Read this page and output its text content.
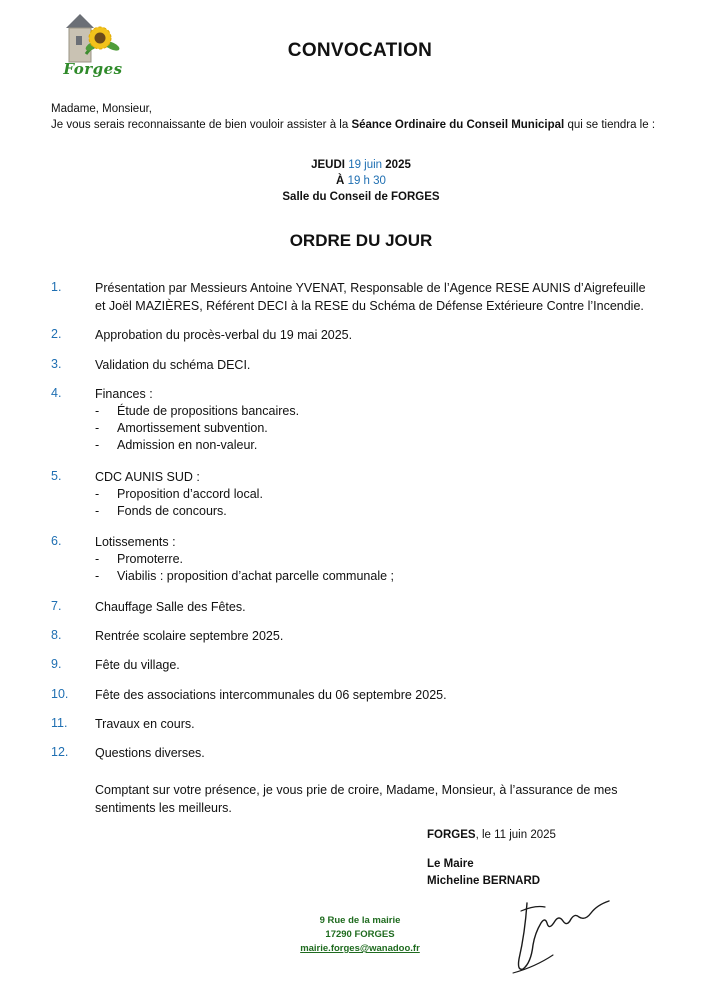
Forges
CONVOCATION
Madame, Monsieur,
Je vous serais reconnaissante de bien vouloir assister à la Séance Ordinaire du Conseil Municipal qui se tiendra le :
JEUDI 19 juin 2025
À 19 h 30
Salle du Conseil de FORGES
ORDRE DU JOUR
1.	Présentation par Messieurs Antoine YVENAT, Responsable de l’Agence RESE AUNIS d’Aigrefeuille
et Joël MAZIÈRES, Référent DECI à la RESE du Schéma de Défense Extérieure Contre l’Incendie.
2.	Approbation du procès-verbal du 19 mai 2025.
3.	Validation du schéma DECI.
4.	Finances :
- Étude de propositions bancaires.
- Amortissement subvention.
- Admission en non-valeur.
5.	CDC AUNIS SUD :
- Proposition d’accord local.
- Fonds de concours.
6.	Lotissements :
- Promoterre.
- Viabilis : proposition d’achat parcelle communale ;
7.	Chauffage Salle des Fêtes.
8.	Rentrée scolaire septembre 2025.
9.	Fête du village.
10.	Fête des associations intercommunales du 06 septembre 2025.
11.	Travaux en cours.
12.	Questions diverses.
Comptant sur votre présence, je vous prie de croire, Madame, Monsieur, à l’assurance de mes sentiments les meilleurs.
FORGES, le 11 juin 2025
Le Maire
Micheline BERNARD
9 Rue de la mairie
17290 FORGES
mairie.forges@wanadoo.fr
